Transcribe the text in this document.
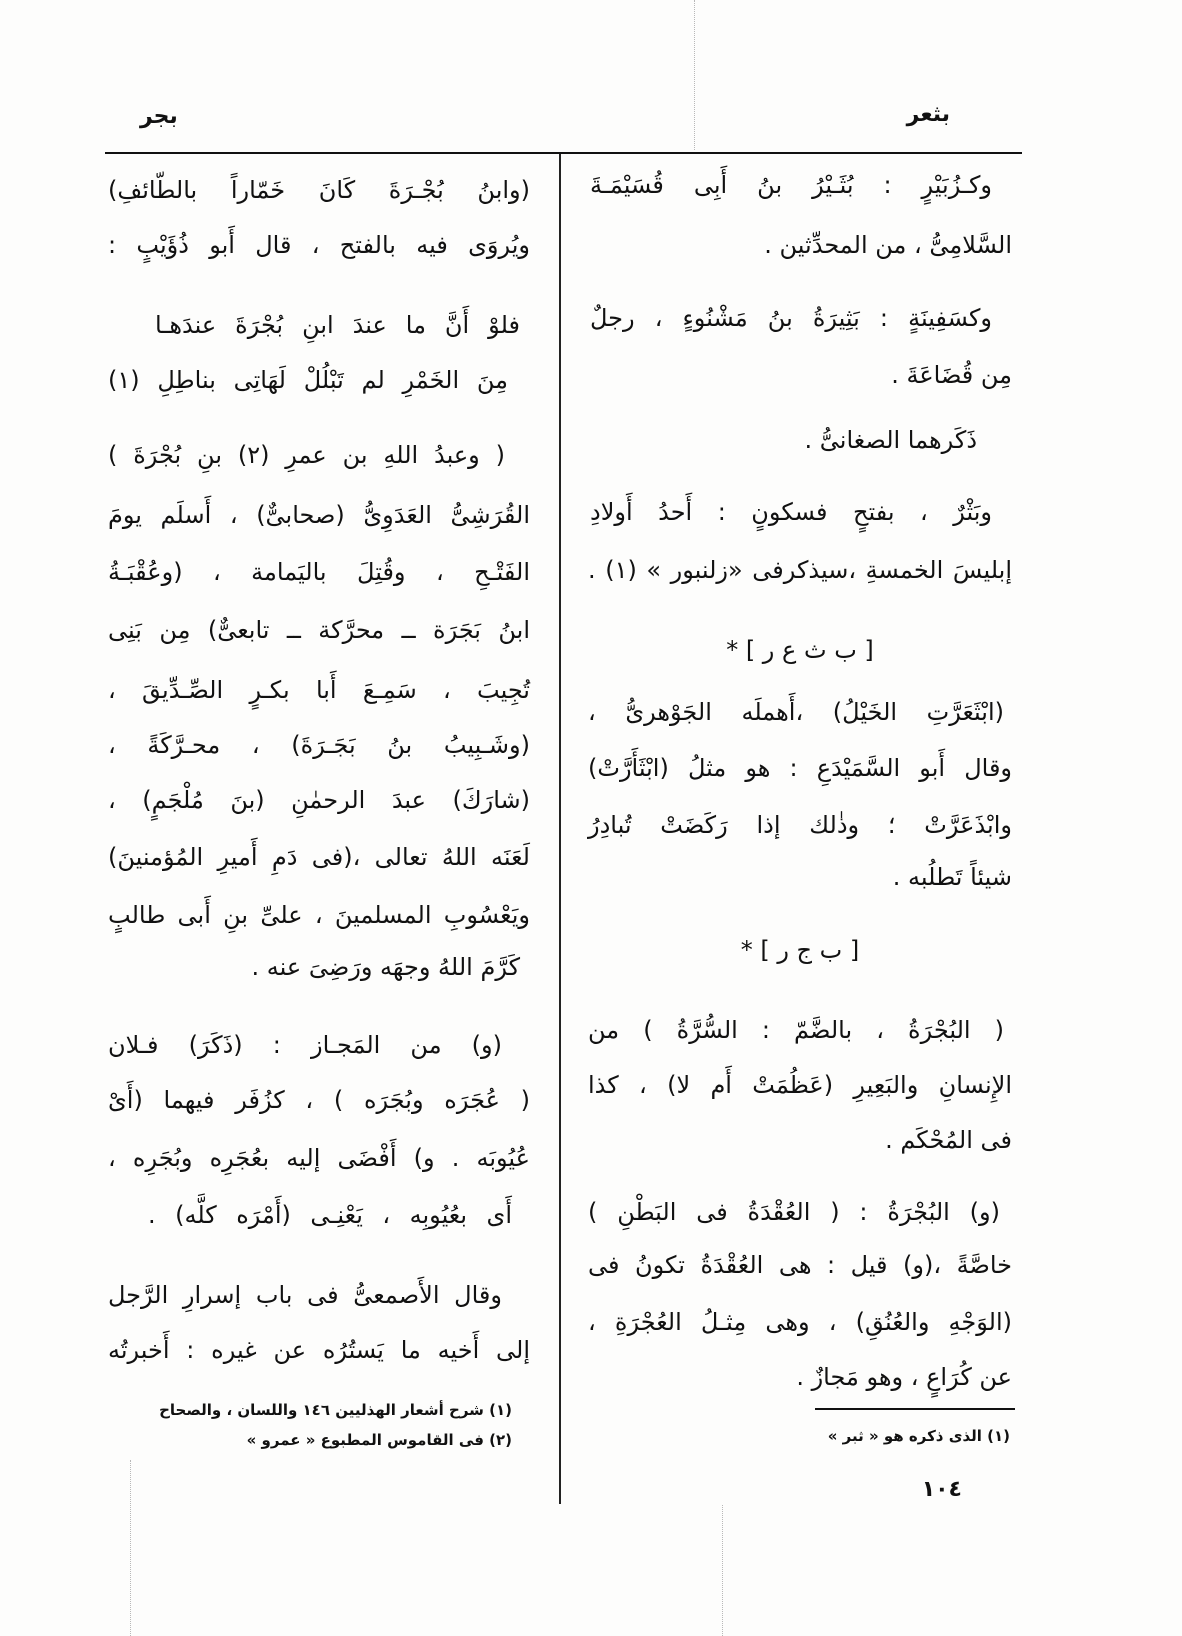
بثعر
بجر
وكـزُبَيْرٍ : بُثَـيْرُ بنُ أَبِى قُسَيْمَـةَ
السَّلامِىُّ ، من المحدِّثين .
وكسَفِينَةٍ : بَثِيرَةُ بنُ مَشْنُوءٍ ، رجلٌ
مِن قُضَاعَةَ .
ذَكَرهما الصغانىُّ .
وبَثْرٌ ، بفتحٍ فسكونٍ : أَحدُ أَولادِ
إبليسَ الخمسةِ ،سيذكرفى «زلنبور » (١) .
[ ب ث ع ر ] *
(ابْثَعَرَّتِ الخَيْلُ) ،أَهملَه الجَوْهرىُّ ،
وقال أَبو السَّمَيْدَعِ : هو مثلُ (ابْثَأَرَّتْ)
وابْذَعَرَّتْ ؛ وذٰلك إذا رَكَضَتْ تُبادِرُ
شيئاً تَطلُبه .
[ ب ج ر ] *
( البُجْرَةُ ، بالضَّمّ : السُّرَّةُ ) من
الإِنسانِ والبَعِيرِ (عَظُمَتْ أَم لا) ، كذا
فى المُحْكَم .
(و) البُجْرَةُ : ( العُقْدَةُ فى البَطْنِ )
خاصَّةً ،(و) قيل : هى العُقْدَةُ تكونُ فى
(الوَجْهِ والعُنُقِ) ، وهى مِثـلُ العُجْرَةِ ،
عن كُرَاعٍ ، وهو مَجازٌ .
(١) الذى ذكره هو « ثبر »
(وابنُ بُجْـرَةَ كَانَ خَمّاراً بالطّائفِ)
ويُروَى فيه بالفتح ، قال أَبو ذُؤَيْبٍ :
فلوْ أَنَّ ما عندَ ابنِ بُجْرَةَ عندَهـا
مِنَ الخَمْرِ لم تَبْلُلْ لَهَاتِى بناطِلِ (١)
( وعبدُ اللهِ بن عمرِ (٢) بنِ بُجْرَةَ )
القُرَشِىُّ العَدَوِىُّ (صحابىٌّ) ، أَسلَم يومَ
الفَتْـحِ ، وقُتِلَ باليَمامة ، (وعُقْبَـةُ
ابنُ بَجَرَة ــ محرَّكة ــ تابعىٌّ) مِن بَنِى
تُجِيبَ ، سَمِـعَ أَبا بكـرٍ الصِّـدِّيقَ ،
(وشَـبِيبُ بنُ بَجَـرَةَ) ، محـرَّكَةً ،
(شارَكَ) عبدَ الرحمٰنِ (بنَ مُلْجَمٍ) ،
لَعَنَه اللهُ تعالى ،(فى دَمِ أَميرِ المُؤمنينَ)
ويَعْسُوبِ المسلمينَ ، علىِّ بنِ أَبى طالبٍ
كَرَّمَ اللهُ وجهَه ورَضِىَ عنه .
(و) من المَجـاز : (ذَكَرَ) فـلان
( عُجَرَه وبُجَرَه ) ، كزُفَر فيهما (أَىْ
عُيُوبَه . و) أَفْضَى إليه بعُجَرِه وبُجَرِه ،
أَى بعُيُوبِه ، يَعْنِـى (أَمْرَه كلَّه) .
وقال الأَصمعىُّ فى باب إسرارِ الرَّجل
إلى أَخيه ما يَستُرُه عن غيره : أَخبرتُه
(١) شرح أشعار الهذليين ١٤٦ واللسان ، والصحاح
(٢) فى القاموس المطبوع « عمرو »
١٠٤
